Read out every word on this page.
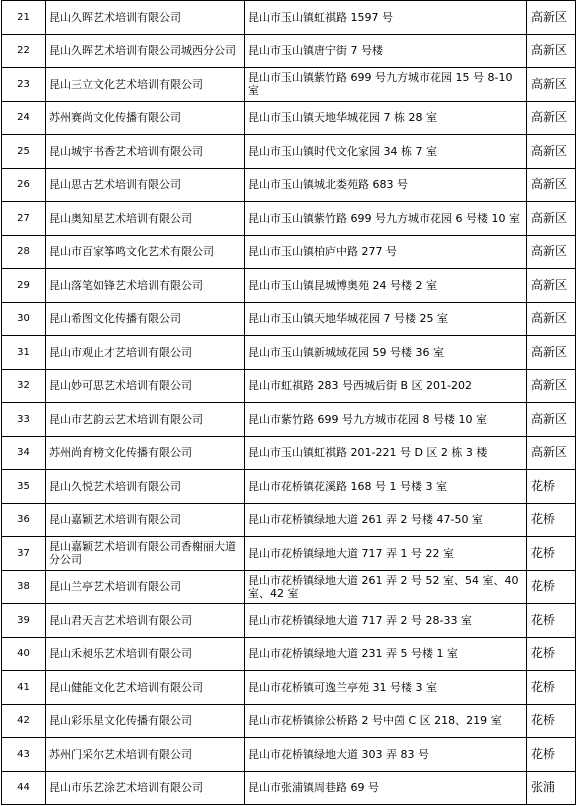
21	昆山久晖艺术培训有限公司	昆山市玉山镇虹祺路 1597 号	高新区
22	昆山久晖艺术培训有限公司城西分公司	昆山市玉山镇唐宁街 7 号楼	高新区
23	昆山三立文化艺术培训有限公司	昆山市玉山镇紫竹路 699 号九方城市花园 15 号 8-10 室	高新区
24	苏州赛尚文化传播有限公司	昆山市玉山镇天地华城花园 7 栋 28 室	高新区
25	昆山城宇书香艺术培训有限公司	昆山市玉山镇时代文化家园 34 栋 7 室	高新区
26	昆山思古艺术培训有限公司	昆山市玉山镇城北娄苑路 683 号	高新区
27	昆山奥知星艺术培训有限公司	昆山市玉山镇紫竹路 699 号九方城市花园 6 号楼 10 室	高新区
28	昆山市百家筝鸣文化艺术有限公司	昆山市玉山镇柏庐中路 277 号	高新区
29	昆山落笔如锋艺术培训有限公司	昆山市玉山镇昆城博奥苑 24 号楼 2 室	高新区
30	昆山希图文化传播有限公司	昆山市玉山镇天地华城花园 7 号楼 25 室	高新区
31	昆山市观止才艺培训有限公司	昆山市玉山镇新城域花园 59 号楼 36 室	高新区
32	昆山妙可思艺术培训有限公司	昆山市虹祺路 283 号西城后街 B 区 201-202	高新区
33	昆山市艺韵云艺术培训有限公司	昆山市紫竹路 699 号九方城市花园 8 号楼 10 室	高新区
34	苏州尚育榜文化传播有限公司	昆山市玉山镇虹祺路 201-221 号 D 区 2 栋 3 楼	高新区
35	昆山久悦艺术培训有限公司	昆山市花桥镇花溪路 168 号 1 号楼 3 室	花桥
36	昆山嘉颖艺术培训有限公司	昆山市花桥镇绿地大道 261 弄 2 号楼 47-50 室	花桥
37	昆山嘉颖艺术培训有限公司香榭丽大道分公司	昆山市花桥镇绿地大道 717 弄 1 号 22 室	花桥
38	昆山兰亭艺术培训有限公司	昆山市花桥镇绿地大道 261 弄 2 号 52 室、54 室、40 室、42 室	花桥
39	昆山君天言艺术培训有限公司	昆山市花桥镇绿地大道 717 弄 2 号 28-33 室	花桥
40	昆山禾昶乐艺术培训有限公司	昆山市花桥镇绿地大道 231 弄 5 号楼 1 室	花桥
41	昆山健能文化艺术培训有限公司	昆山市花桥镇可逸兰亭苑 31 号楼 3 室	花桥
42	昆山彩乐星文化传播有限公司	昆山市花桥镇徐公桥路 2 号中茵 C 区 218、219 室	花桥
43	苏州门采尔艺术培训有限公司	昆山市花桥镇绿地大道 303 弄 83 号	花桥
44	昆山市乐艺涂艺术培训有限公司	昆山市张浦镇周巷路 69 号	张浦
